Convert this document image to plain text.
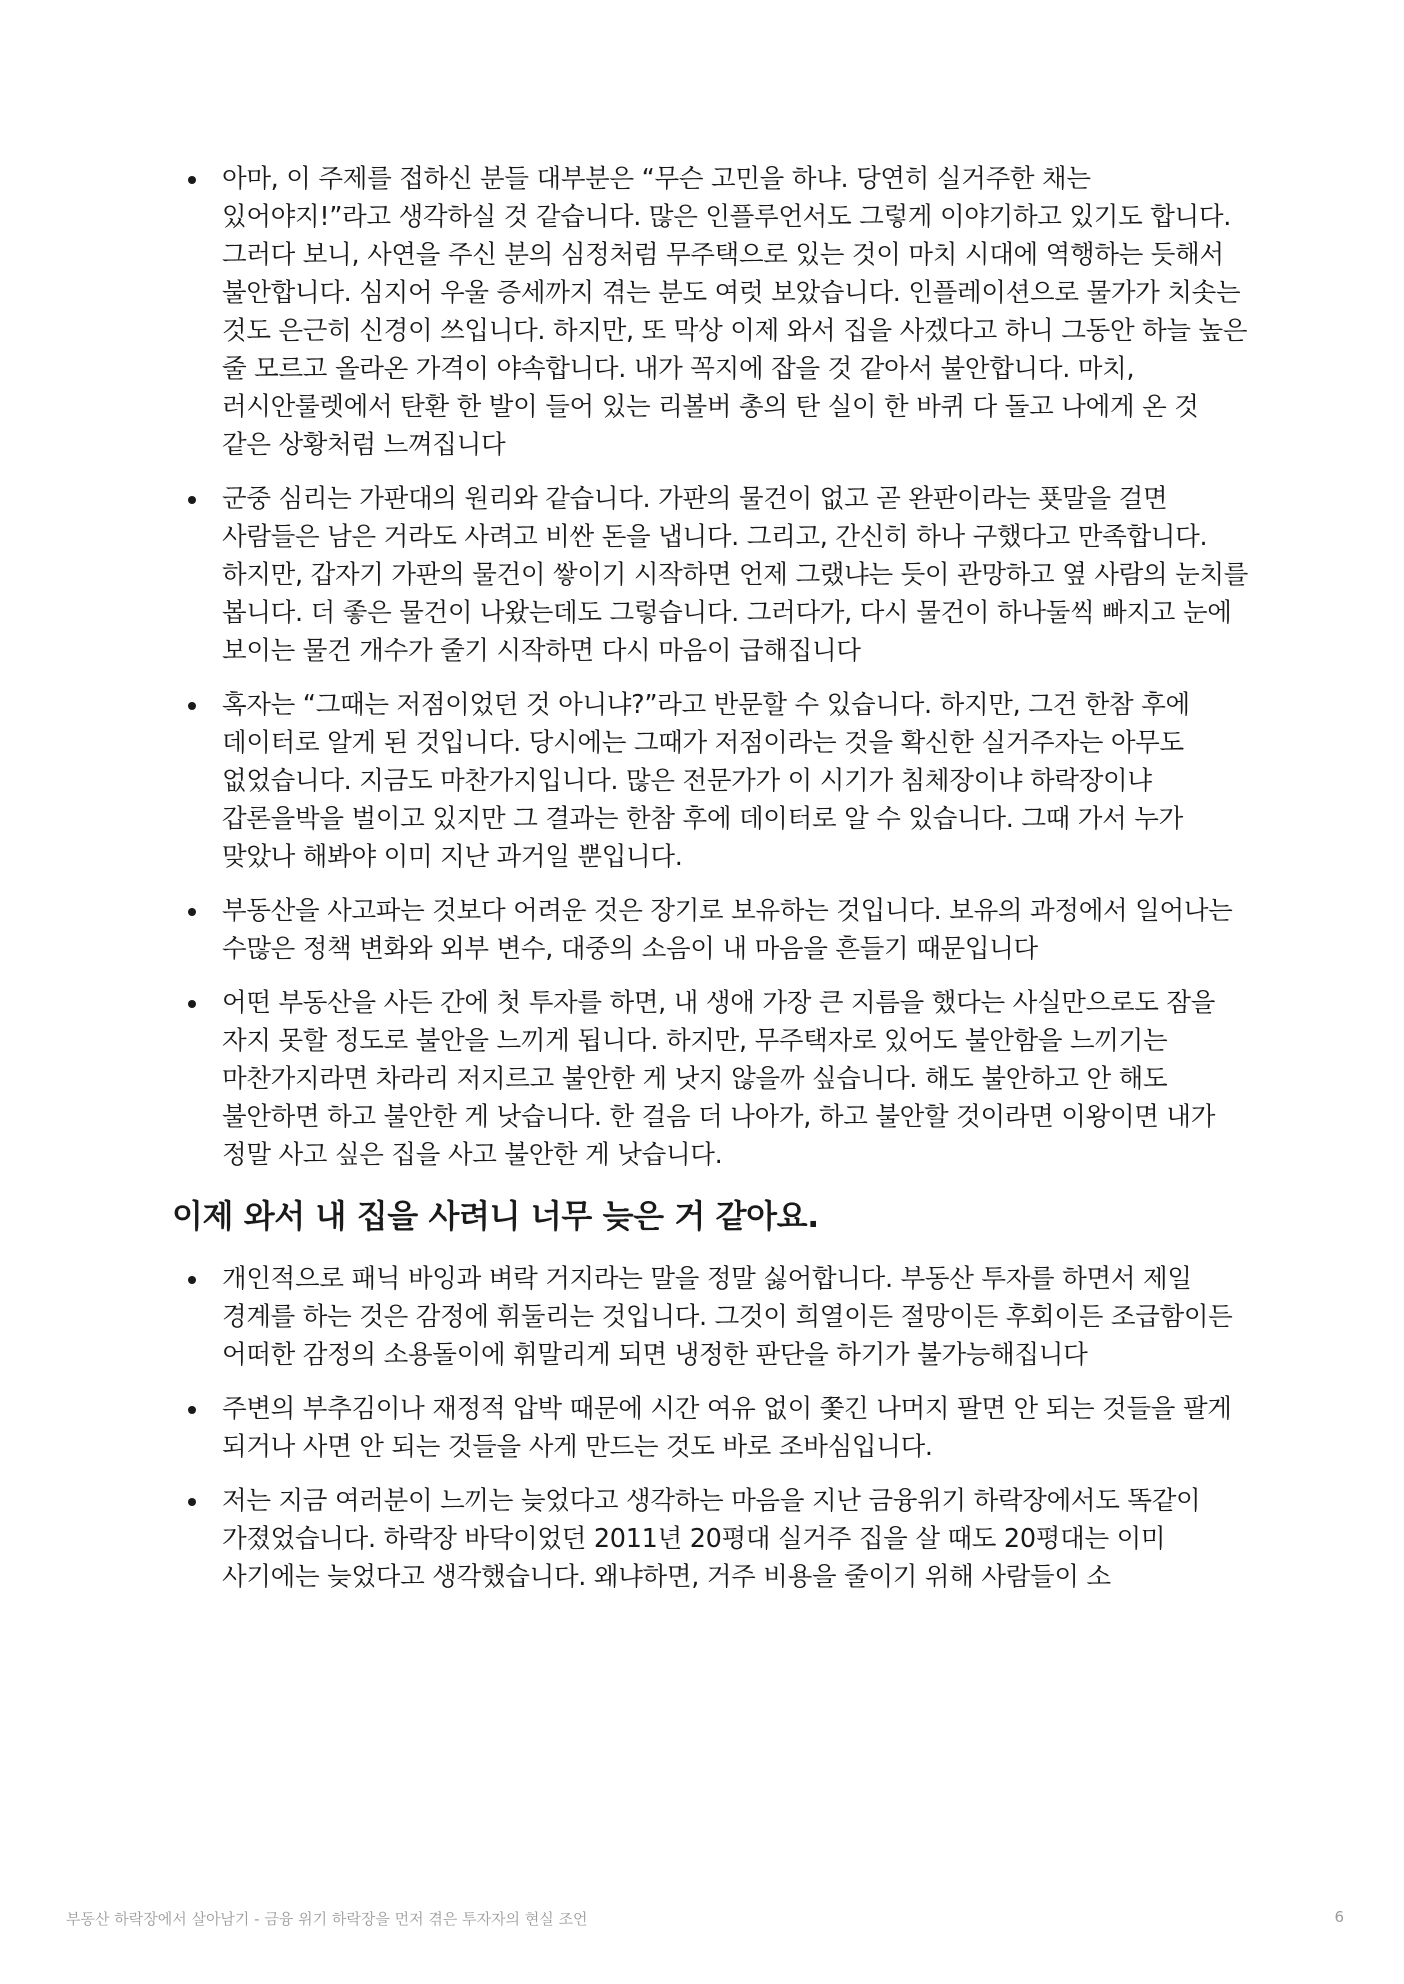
아마, 이 주제를 접하신 분들 대부분은 “무슨 고민을 하냐. 당연히 실거주한 채는 있어야지!”라고 생각하실 것 같습니다. 많은 인플루언서도 그렇게 이야기하고 있기도 합니다. 그러다 보니, 사연을 주신 분의 심정처럼 무주택으로 있는 것이 마치 시대에 역행하는 듯해서 불안합니다. 심지어 우울 증세까지 겪는 분도 여럿 보았습니다. 인플레이션으로 물가가 치솟는 것도 은근히 신경이 쓰입니다. 하지만, 또 막상 이제 와서 집을 사겠다고 하니 그동안 하늘 높은 줄 모르고 올라온 가격이 야속합니다. 내가 꼭지에 잡을 것 같아서 불안합니다. 마치, 러시안룰렛에서 탄환 한 발이 들어 있는 리볼버 총의 탄 실이 한 바퀴 다 돌고 나에게 온 것 같은 상황처럼 느껴집니다
군중 심리는 가판대의 원리와 같습니다. 가판의 물건이 없고 곧 완판이라는 푯말을 걸면 사람들은 남은 거라도 사려고 비싼 돈을 냅니다. 그리고, 간신히 하나 구했다고 만족합니다. 하지만, 갑자기 가판의 물건이 쌓이기 시작하면 언제 그랬냐는 듯이 관망하고 옆 사람의 눈치를 봅니다. 더 좋은 물건이 나왔는데도 그렇습니다. 그러다가, 다시 물건이 하나둘씩 빠지고 눈에 보이는 물건 개수가 줄기 시작하면 다시 마음이 급해집니다
혹자는 “그때는 저점이었던 것 아니냐?”라고 반문할 수 있습니다. 하지만, 그건 한참 후에 데이터로 알게 된 것입니다. 당시에는 그때가 저점이라는 것을 확신한 실거주자는 아무도 없었습니다. 지금도 마찬가지입니다. 많은 전문가가 이 시기가 침체장이냐 하락장이냐 갑론을박을 벌이고 있지만 그 결과는 한참 후에 데이터로 알 수 있습니다. 그때 가서 누가 맞았나 해봐야 이미 지난 과거일 뿐입니다.
부동산을 사고파는 것보다 어려운 것은 장기로 보유하는 것입니다. 보유의 과정에서 일어나는 수많은 정책 변화와 외부 변수, 대중의 소음이 내 마음을 흔들기 때문입니다
어떤 부동산을 사든 간에 첫 투자를 하면, 내 생애 가장 큰 지름을 했다는 사실만으로도 잠을 자지 못할 정도로 불안을 느끼게 됩니다. 하지만, 무주택자로 있어도 불안함을 느끼기는 마찬가지라면 차라리 저지르고 불안한 게 낫지 않을까 싶습니다. 해도 불안하고 안 해도 불안하면 하고 불안한 게 낫습니다. 한 걸음 더 나아가, 하고 불안할 것이라면 이왕이면 내가 정말 사고 싶은 집을 사고 불안한 게 낫습니다.
이제 와서 내 집을 사려니 너무 늦은 거 같아요.
개인적으로 패닉 바잉과 벼락 거지라는 말을 정말 싫어합니다. 부동산 투자를 하면서 제일 경계를 하는 것은 감정에 휘둘리는 것입니다. 그것이 희열이든 절망이든 후회이든 조급함이든 어떠한 감정의 소용돌이에 휘말리게 되면 냉정한 판단을 하기가 불가능해집니다
주변의 부추김이나 재정적 압박 때문에 시간 여유 없이 쫓긴 나머지 팔면 안 되는 것들을 팔게 되거나 사면 안 되는 것들을 사게 만드는 것도 바로 조바심입니다.
저는 지금 여러분이 느끼는 늦었다고 생각하는 마음을 지난 금융위기 하락장에서도 똑같이 가졌었습니다. 하락장 바닥이었던 2011년 20평대 실거주 집을 살 때도 20평대는 이미 사기에는 늦었다고 생각했습니다. 왜냐하면, 거주 비용을 줄이기 위해 사람들이 소
부동산 하락장에서 살아남기 - 금융 위기 하락장을 먼저 겪은 투자자의 현실 조언	6
